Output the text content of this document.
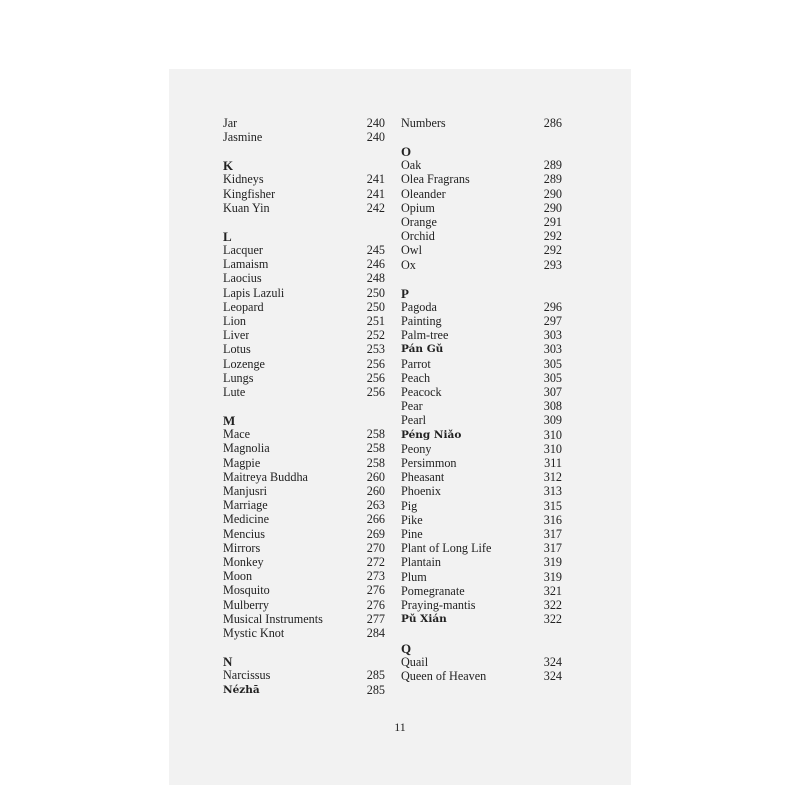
Jar	240
Jasmine	240
K
Kidneys	241
Kingfisher	241
Kuan Yin	242
L
Lacquer	245
Lamaism	246
Laocius	248
Lapis Lazuli	250
Leopard	250
Lion	251
Liver	252
Lotus	253
Lozenge	256
Lungs	256
Lute	256
M
Mace	258
Magnolia	258
Magpie	258
Maitreya Buddha	260
Manjusri	260
Marriage	263
Medicine	266
Mencius	269
Mirrors	270
Monkey	272
Moon	273
Mosquito	276
Mulberry	276
Musical Instruments	277
Mystic Knot	284
N
Narcissus	285
Nézhā	285
Numbers	286
O
Oak	289
Olea Fragrans	289
Oleander	290
Opium	290
Orange	291
Orchid	292
Owl	292
Ox	293
P
Pagoda	296
Painting	297
Palm-tree	303
Pán Gǔ	303
Parrot	305
Peach	305
Peacock	307
Pear	308
Pearl	309
Péng Niǎo	310
Peony	310
Persimmon	311
Pheasant	312
Phoenix	313
Pig	315
Pike	316
Pine	317
Plant of Long Life	317
Plantain	319
Plum	319
Pomegranate	321
Praying-mantis	322
Pǔ Xián	322
Q
Quail	324
Queen of Heaven	324
11
